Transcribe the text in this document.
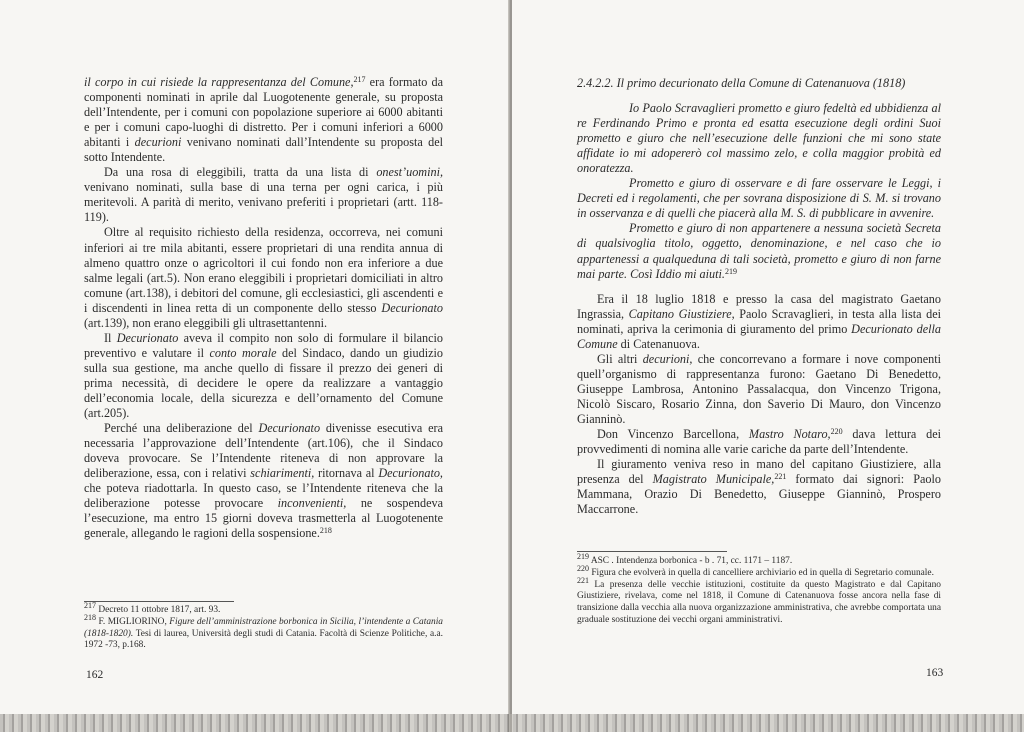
il corpo in cui risiede la rappresentanza del Comune,$^{217}$ era formato da componenti nominati in aprile dal Luogotenente generale, su proposta dell’Intendente, per i comuni con popolazione superiore ai 6000 abitanti e per i comuni capo-luoghi di distretto. Per i comuni inferiori a 6000 abitanti i decurioni venivano nominati dall’Intendente su proposta del sotto Intendente.

Da una rosa di eleggibili, tratta da una lista di onest’uomini, venivano nominati, sulla base di una terna per ogni carica, i più meritevoli. A parità di merito, venivano preferiti i proprietari (artt. 118-119).

Oltre al requisito richiesto della residenza, occorreva, nei comuni inferiori ai tre mila abitanti, essere proprietari di una rendita annua di almeno quattro onze o agricoltori il cui fondo non era inferiore a due salme legali (art.5). Non erano eleggibili i proprietari domiciliati in altro comune (art.138), i debitori del comune, gli ecclesiastici, gli ascendenti e i discendenti in linea retta di un componente dello stesso Decurionato (art.139), non erano eleggibili gli ultrasettantenni.

Il Decurionato aveva il compito non solo di formulare il bilancio preventivo e valutare il conto morale del Sindaco, dando un giudizio sulla sua gestione, ma anche quello di fissare il prezzo dei generi di prima necessità, di decidere le opere da realizzare a vantaggio dell’economia locale, della sicurezza e dell’ornamento del Comune (art.205).

Perché una deliberazione del Decurionato divenisse esecutiva era necessaria l’approvazione dell’Intendente (art.106), che il Sindaco doveva provocare. Se l’Intendente riteneva di non approvare la deliberazione, essa, con i relativi schiarimenti, ritornava al Decurionato, che poteva riadottarla. In questo caso, se l’Intendente riteneva che la deliberazione potesse provocare inconvenienti, ne sospendeva l’esecuzione, ma entro 15 giorni doveva trasmetterla al Luogotenente generale, allegando le ragioni della sospensione.$^{218}$

$^{217}$ Decreto 11 ottobre 1817, art. 93.

$^{218}$ F. MIGLIORINO, Figure dell’amministrazione borbonica in Sicilia, l’intendente a Catania (1818-1820). Tesi di laurea, Università degli studi di Catania. Facoltà di Scienze Politiche, a.a. 1972 -73, p.168.

162

2.4.2.2. Il primo decurionato della Comune di Catenanuova (1818)

Io Paolo Scravaglieri prometto e giuro fedeltà ed ubbidienza al re Ferdinando Primo e pronta ed esatta esecuzione degli ordini Suoi prometto e giuro che nell’esecuzione delle funzioni che mi sono state affidate io mi adopererò col massimo zelo, e colla maggior probità ed onoratezza.

Prometto e giuro di osservare e di fare osservare le Leggi, i Decreti ed i regolamenti, che per sovrana disposizione di S. M. si trovano in osservanza e di quelli che piacerà alla M. S. di pubblicare in avvenire.

Prometto e giuro di non appartenere a nessuna società Secreta di qualsivoglia titolo, oggetto, denominazione, e nel caso che io appartenessi a qualqueduna di tali società, prometto e giuro di non farne mai parte. Così Iddio mi aiuti.$^{219}$

Era il 18 luglio 1818 e presso la casa del magistrato Gaetano Ingrassia, Capitano Giustiziere, Paolo Scravaglieri, in testa alla lista dei nominati, apriva la cerimonia di giuramento del primo Decurionato della Comune di Catenanuova.

Gli altri decurioni, che concorrevano a formare i nove componenti quell’organismo di rappresentanza furono: Gaetano Di Benedetto, Giuseppe Lambrosa, Antonino Passalacqua, don Vincenzo Trigona, Nicolò Siscaro, Rosario Zinna, don Saverio Di Mauro, don Vincenzo Gianninò.

Don Vincenzo Barcellona, Mastro Notaro,$^{220}$ dava lettura dei provvedimenti di nomina alle varie cariche da parte dell’Intendente.

Il giuramento veniva reso in mano del capitano Giustiziere, alla presenza del Magistrato Municipale,$^{221}$ formato dai signori: Paolo Mammana, Orazio Di Benedetto, Giuseppe Gianninò, Prospero Maccarrone.

$^{219}$ ASC . Intendenza borbonica - b . 71, cc. 1171 – 1187.

$^{220}$ Figura che evolverà in quella di cancelliere archiviario ed in quella di Segretario comunale.

$^{221}$ La presenza delle vecchie istituzioni, costituite da questo Magistrato e dal Capitano Giustiziere, rivelava, come nel 1818, il Comune di Catenanuova fosse ancora nella fase di transizione dalla vecchia alla nuova organizzazione amministrativa, che avrebbe comportata una graduale sostituzione dei vecchi organi amministrativi.

163
